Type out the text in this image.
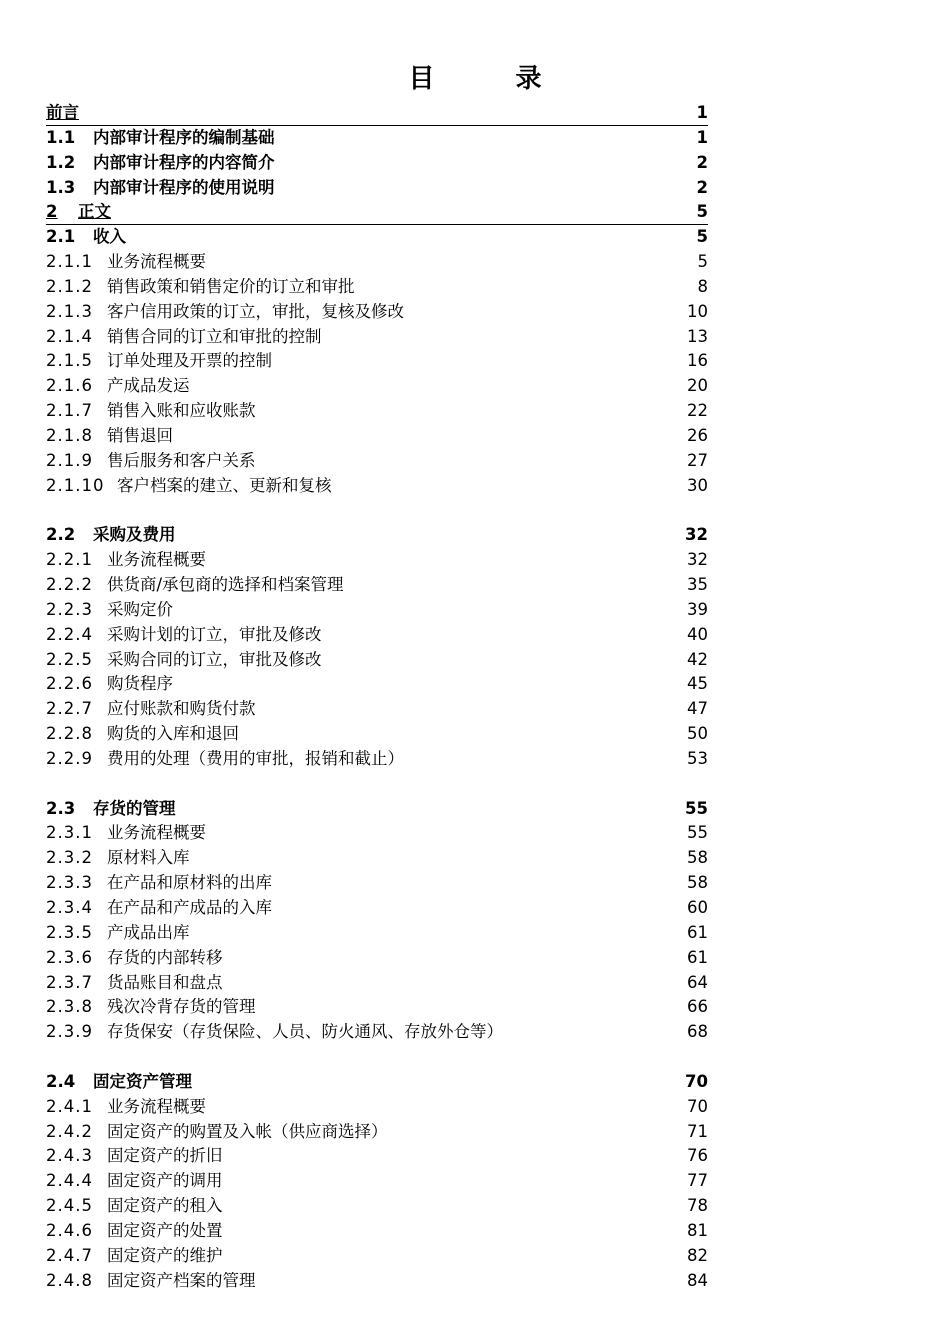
目 录
前言	1
1.1 内部审计程序的编制基础	1
1.2 内部审计程序的内容简介	2
1.3 内部审计程序的使用说明	2
2 正文	5
2.1 收入	5
2.1.1 业务流程概要	5
2.1.2 销售政策和销售定价的订立和审批	8
2.1.3 客户信用政策的订立，审批，复核及修改	10
2.1.4 销售合同的订立和审批的控制	13
2.1.5 订单处理及开票的控制	16
2.1.6 产成品发运	20
2.1.7 销售入账和应收账款	22
2.1.8 销售退回	26
2.1.9 售后服务和客户关系	27
2.1.10 客户档案的建立、更新和复核	30
2.2 采购及费用	32
2.2.1 业务流程概要	32
2.2.2 供货商/承包商的选择和档案管理	35
2.2.3 采购定价	39
2.2.4 采购计划的订立，审批及修改	40
2.2.5 采购合同的订立，审批及修改	42
2.2.6 购货程序	45
2.2.7 应付账款和购货付款	47
2.2.8 购货的入库和退回	50
2.2.9 费用的处理（费用的审批，报销和截止）	53
2.3 存货的管理	55
2.3.1 业务流程概要	55
2.3.2 原材料入库	58
2.3.3 在产品和原材料的出库	58
2.3.4 在产品和产成品的入库	60
2.3.5 产成品出库	61
2.3.6 存货的内部转移	61
2.3.7 货品账目和盘点	64
2.3.8 残次冷背存货的管理	66
2.3.9 存货保安（存货保险、人员、防火通风、存放外仓等）	68
2.4 固定资产管理	70
2.4.1 业务流程概要	70
2.4.2 固定资产的购置及入帐（供应商选择）	71
2.4.3 固定资产的折旧	76
2.4.4 固定资产的调用	77
2.4.5 固定资产的租入	78
2.4.6 固定资产的处置	81
2.4.7 固定资产的维护	82
2.4.8 固定资产档案的管理	84
